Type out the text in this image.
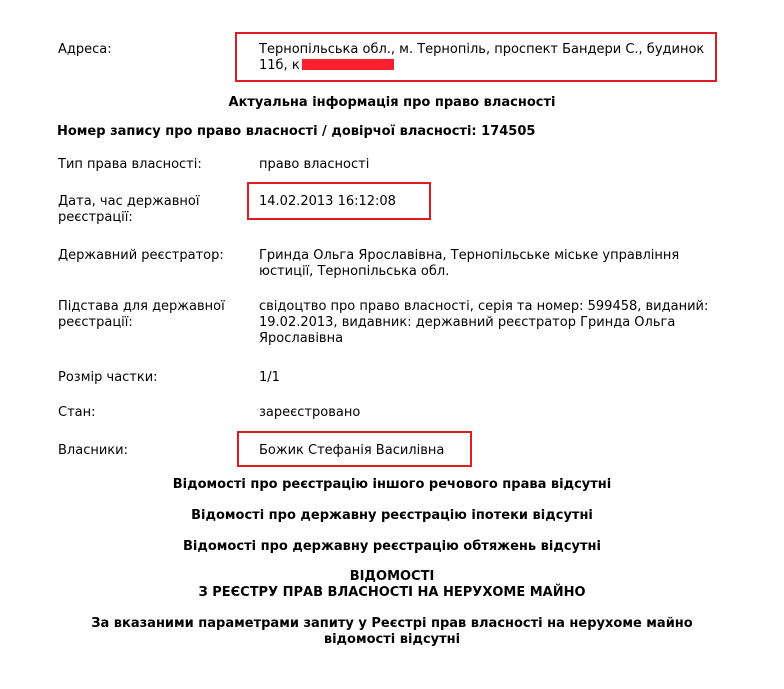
Адреса:	Тернопільська обл., м. Тернопіль, проспект Бандери С., будинок 11б, к
Актуальна інформація про право власності
Номер запису про право власності / довірчої власності: 174505
Тип права власності:	право власності
Дата, час державної реєстрації:
14.02.2013 16:12:08
Державний реєстратор:	Гринда Ольга Ярославівна, Тернопільське міське управління юстиції, Тернопільська обл.
Підстава для державної реєстрації:
свідоцтво про право власності, серія та номер: 599458, виданий: 19.02.2013, видавник: державний реєстратор Гринда Ольга Ярославівна
Розмір частки:	1/1
Стан:	зареєстровано
Власники:	Божик Стефанія Василівна
Відомості про реєстрацію іншого речового права відсутні
Відомості про державну реєстрацію іпотеки відсутні
Відомості про державну реєстрацію обтяжень відсутні
ВІДОМОСТІ
З РЕЄСТРУ ПРАВ ВЛАСНОСТІ НА НЕРУХОМЕ МАЙНО
За вказаними параметрами запиту у Реєстрі прав власності на нерухоме майно
відомості відсутні
